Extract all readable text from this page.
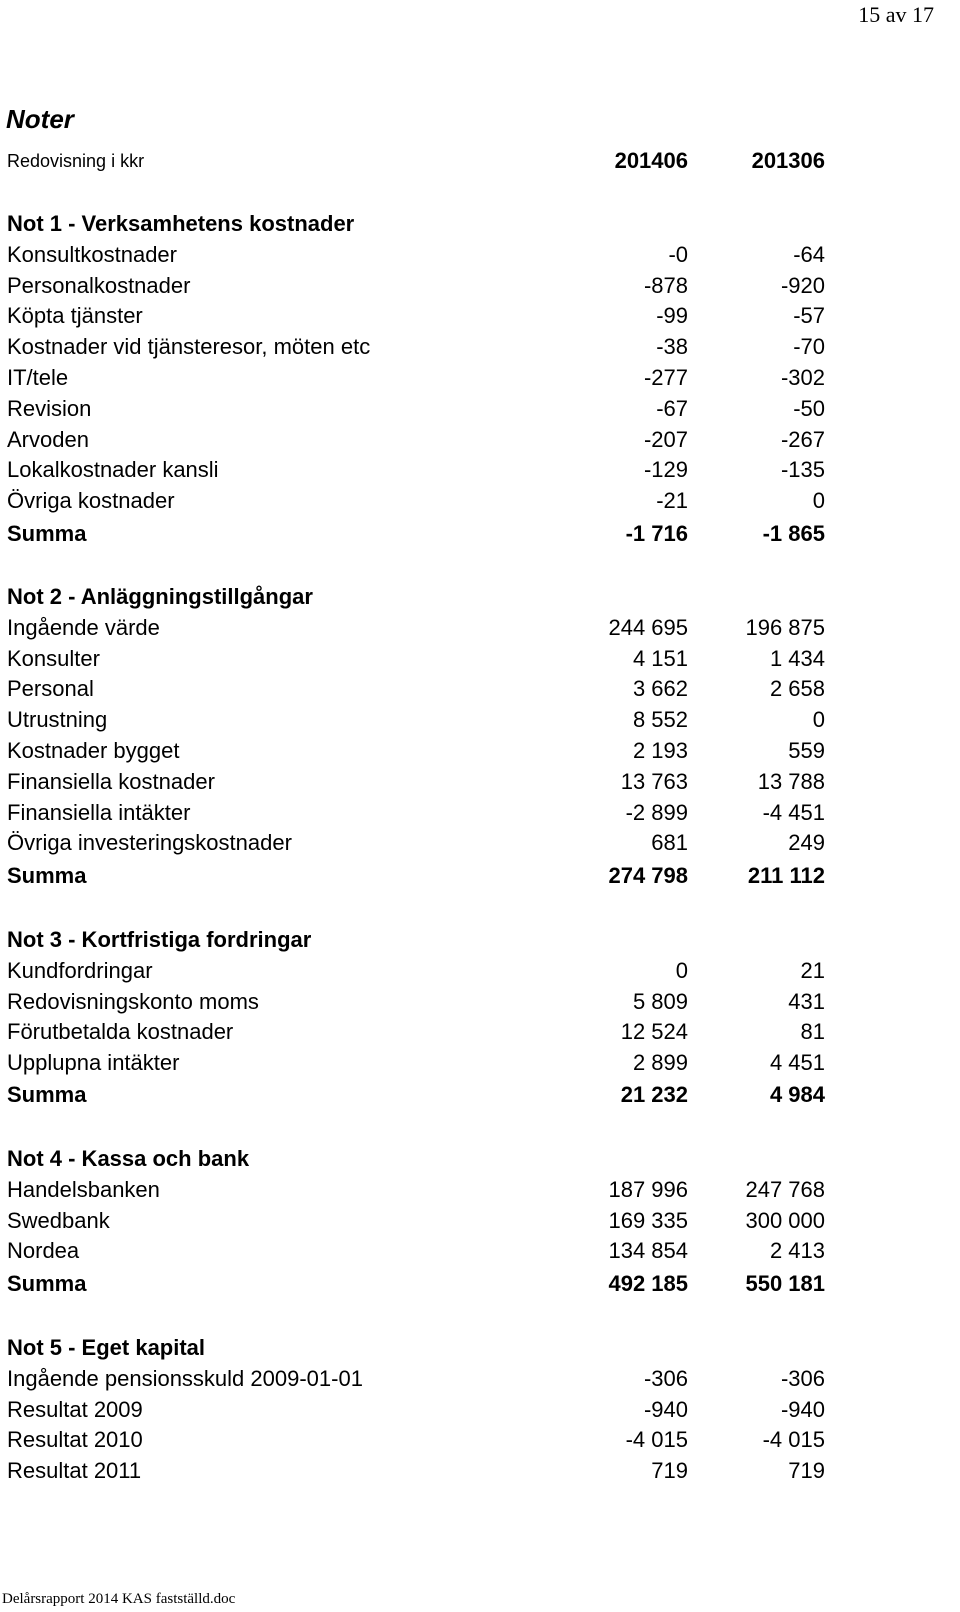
15 av 17
Noter
Redovisning i kkr	201406	201306
Not 1 - Verksamhetens kostnader
Konsultkostnader	-0	-64
Personalkostnader	-878	-920
Köpta tjänster	-99	-57
Kostnader vid tjänsteresor, möten etc	-38	-70
IT/tele	-277	-302
Revision	-67	-50
Arvoden	-207	-267
Lokalkostnader kansli	-129	-135
Övriga kostnader	-21	0
Summa	-1 716	-1 865
Not 2 - Anläggningstillgångar
Ingående värde	244 695	196 875
Konsulter	4 151	1 434
Personal	3 662	2 658
Utrustning	8 552	0
Kostnader bygget	2 193	559
Finansiella kostnader	13 763	13 788
Finansiella intäkter	-2 899	-4 451
Övriga investeringskostnader	681	249
Summa	274 798	211 112
Not 3 - Kortfristiga fordringar
Kundfordringar	0	21
Redovisningskonto moms	5 809	431
Förutbetalda kostnader	12 524	81
Upplupna intäkter	2 899	4 451
Summa	21 232	4 984
Not 4 - Kassa och bank
Handelsbanken	187 996	247 768
Swedbank	169 335	300 000
Nordea	134 854	2 413
Summa	492 185	550 181
Not 5 - Eget kapital
Ingående pensionsskuld 2009-01-01	-306	-306
Resultat 2009	-940	-940
Resultat 2010	-4 015	-4 015
Resultat 2011	719	719
Delårsrapport 2014 KAS fastställd.doc
